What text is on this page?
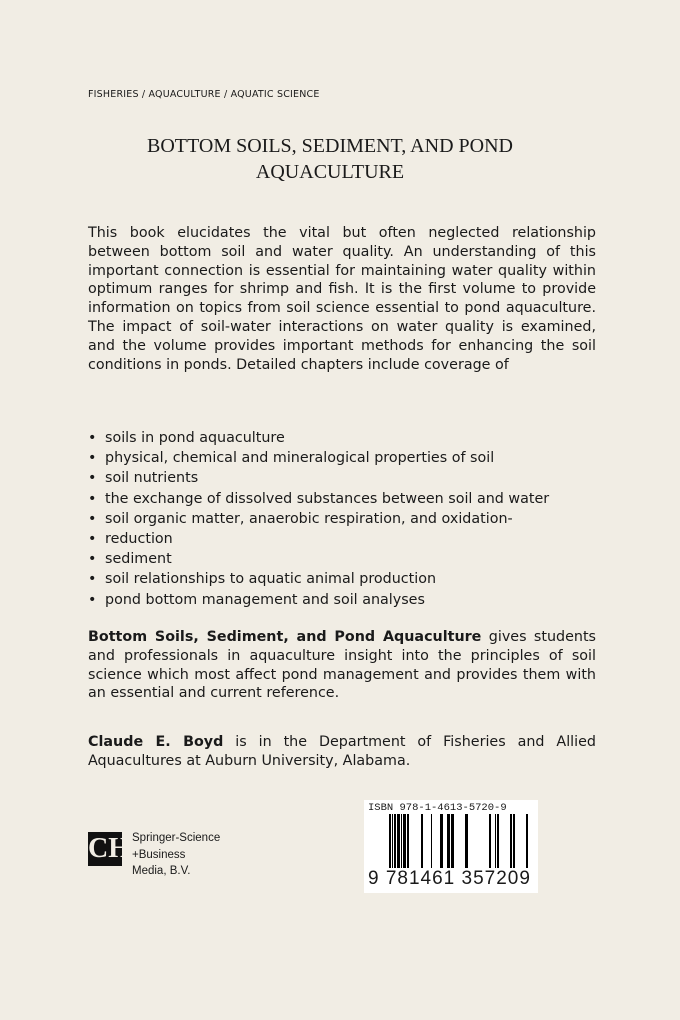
FISHERIES / AQUACULTURE / AQUATIC SCIENCE
BOTTOM SOILS, SEDIMENT, AND POND
AQUACULTURE
This book elucidates the vital but often neglected relationship between bottom soil and water quality. An understanding of this important connection is essential for maintaining water quality within optimum ranges for shrimp and fish. It is the first volume to provide information on topics from soil science essential to pond aquaculture. The impact of soil-water interactions on water quality is examined, and the volume provides important methods for enhancing the soil conditions in ponds. Detailed chapters include coverage of
• soils in pond aquaculture
• physical, chemical and mineralogical properties of soil
• soil nutrients
• the exchange of dissolved substances between soil and water
• soil organic matter, anaerobic respiration, and oxidation-
• reduction
• sediment
• soil relationships to aquatic animal production
• pond bottom management and soil analyses
Bottom Soils, Sediment, and Pond Aquaculture gives students and professionals in aquaculture insight into the principles of soil science which most affect pond management and provides them with an essential and current reference.
Claude E. Boyd is in the Department of Fisheries and Allied Aquacultures at Auburn University, Alabama.
CH Springer-Science
+Business
Media, B.V.
ISBN 978-1-4613-5720-9
9 781461 357209
